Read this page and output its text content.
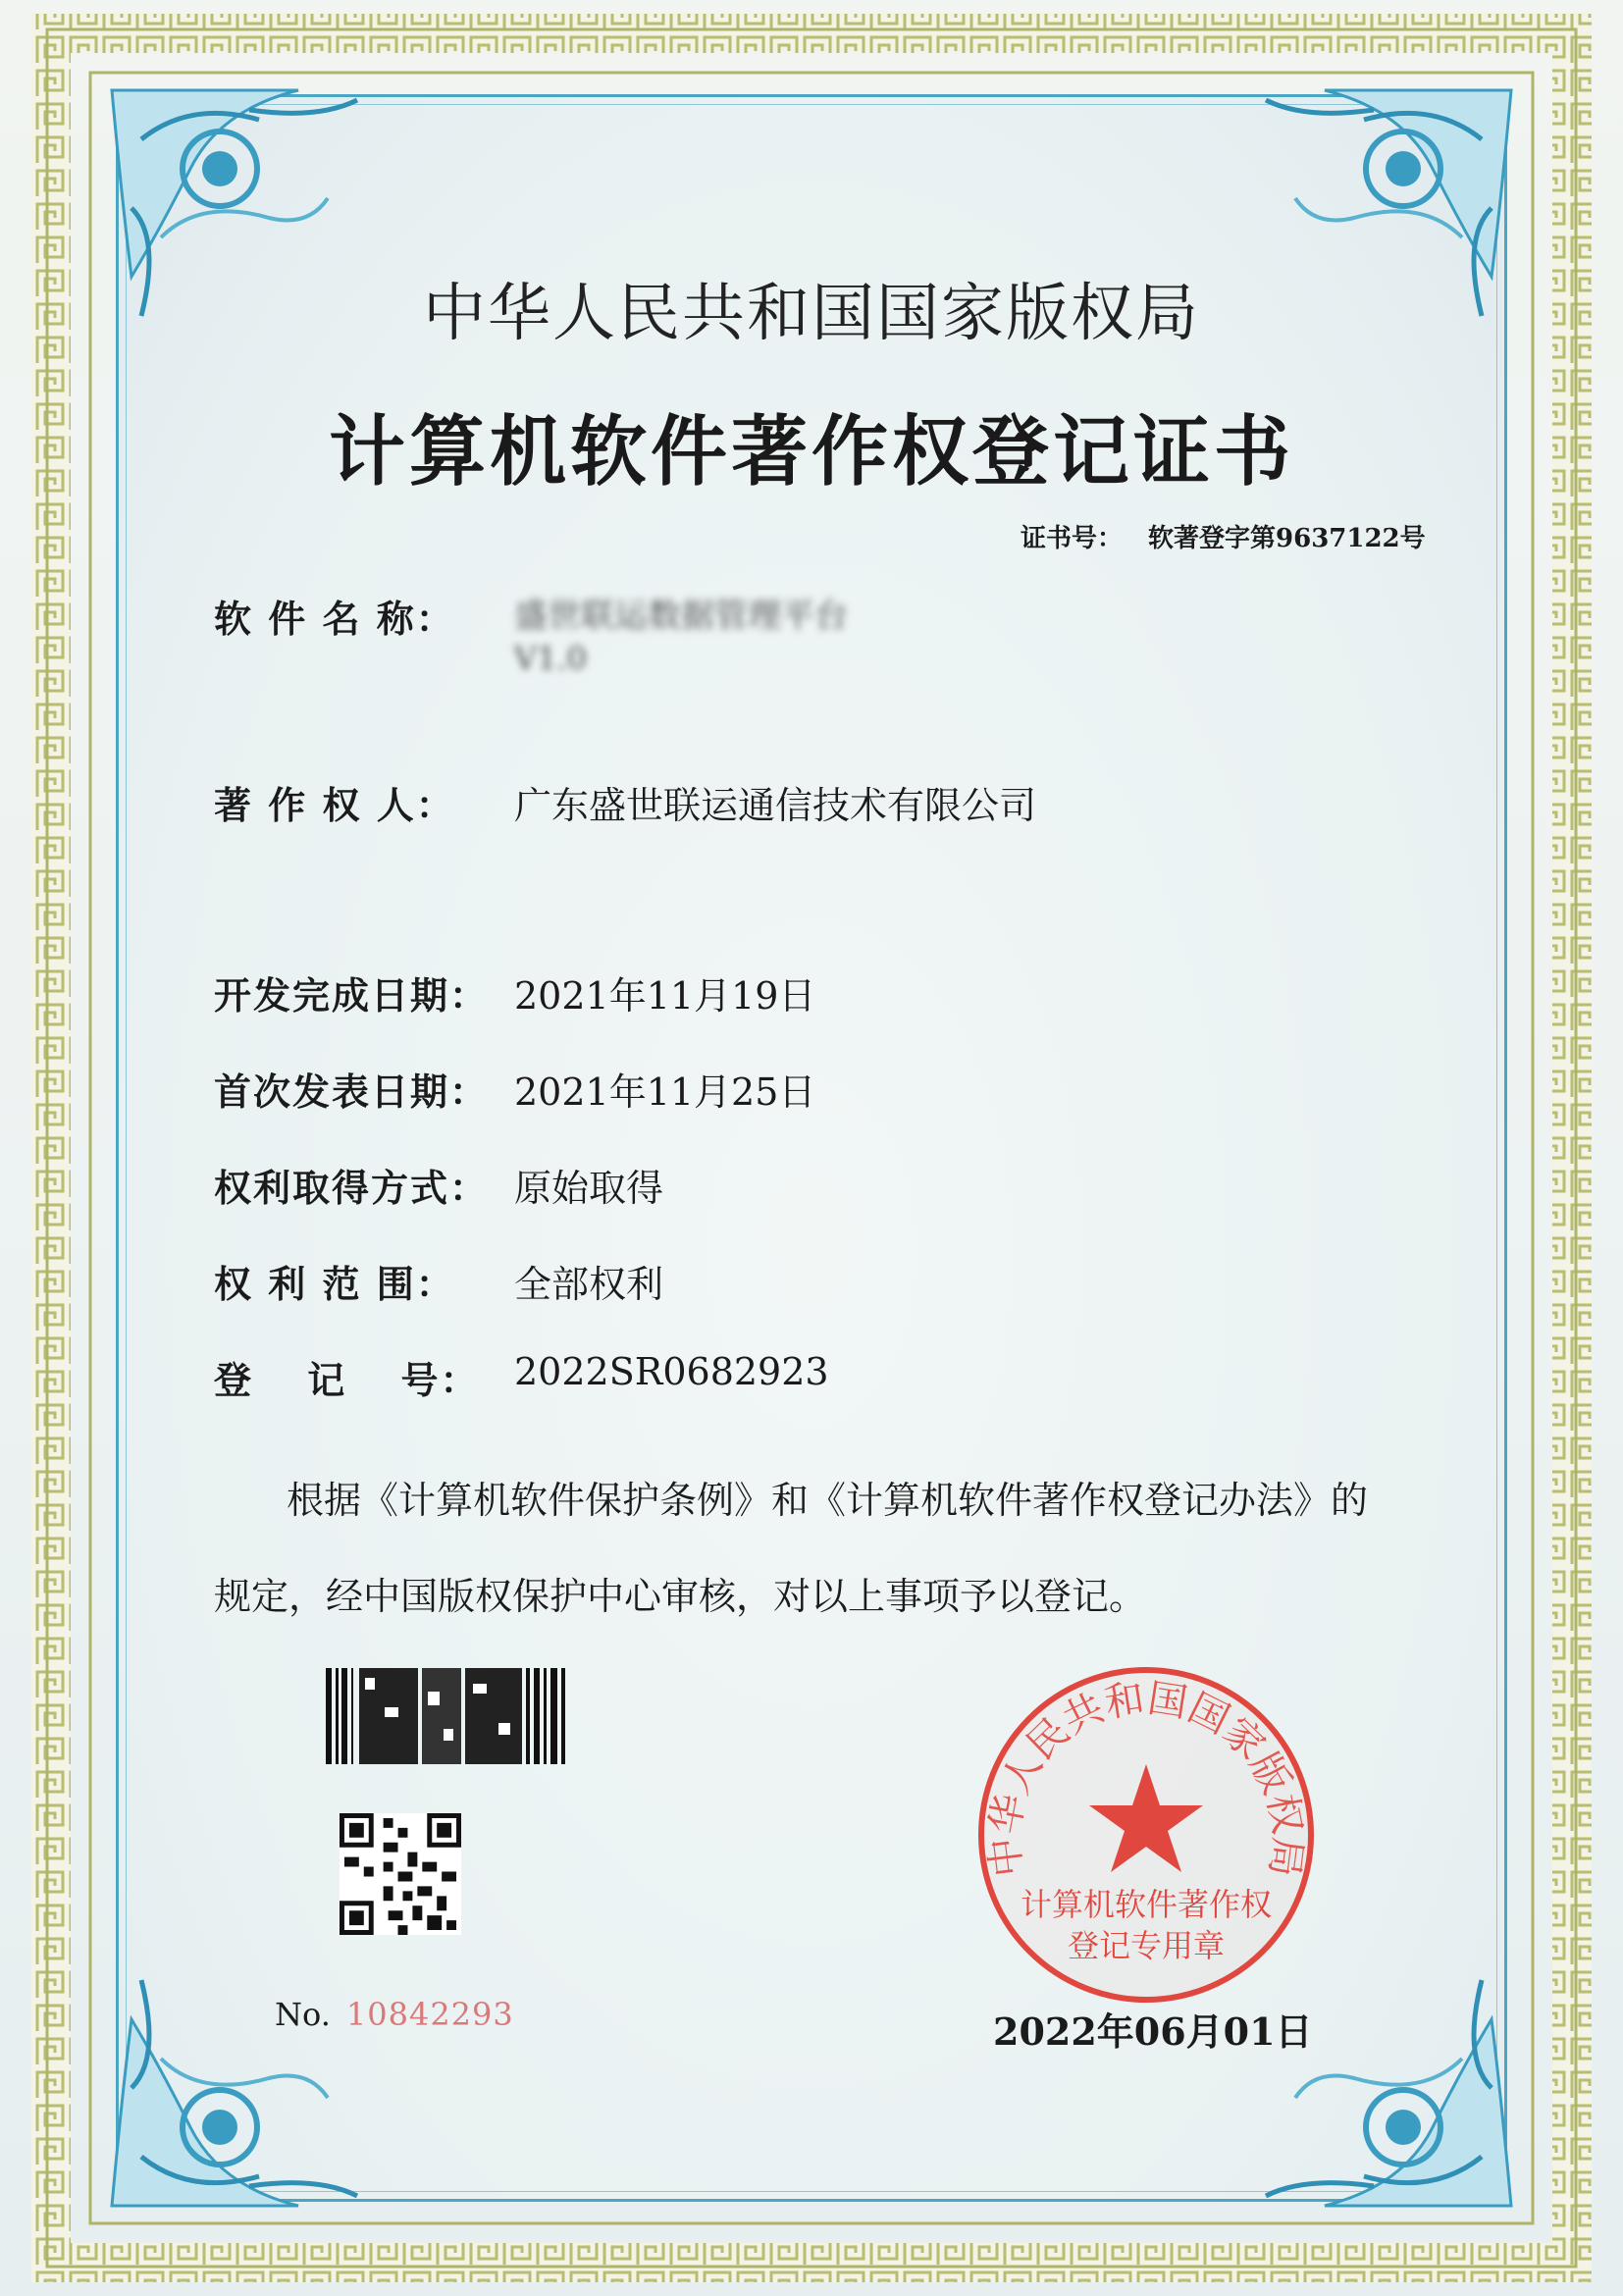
中华人民共和国国家版权局
计算机软件著作权登记证书
证书号： 软著登字第9637122号
软 件 名 称： 盛世联运数据管理平台
V1.0
著 作 权 人： 广东盛世联运通信技术有限公司
开发完成日期： 2021年11月19日
首次发表日期： 2021年11月25日
权利取得方式： 原始取得
权 利 范 围： 全部权利
登　 记　 号： 2022SR0682923
根据《计算机软件保护条例》和《计算机软件著作权登记办法》的
规定，经中国版权保护中心审核，对以上事项予以登记。
No. 10842293
中华人民共和国国家版权局
计算机软件著作权
登记专用章
2022年06月01日
